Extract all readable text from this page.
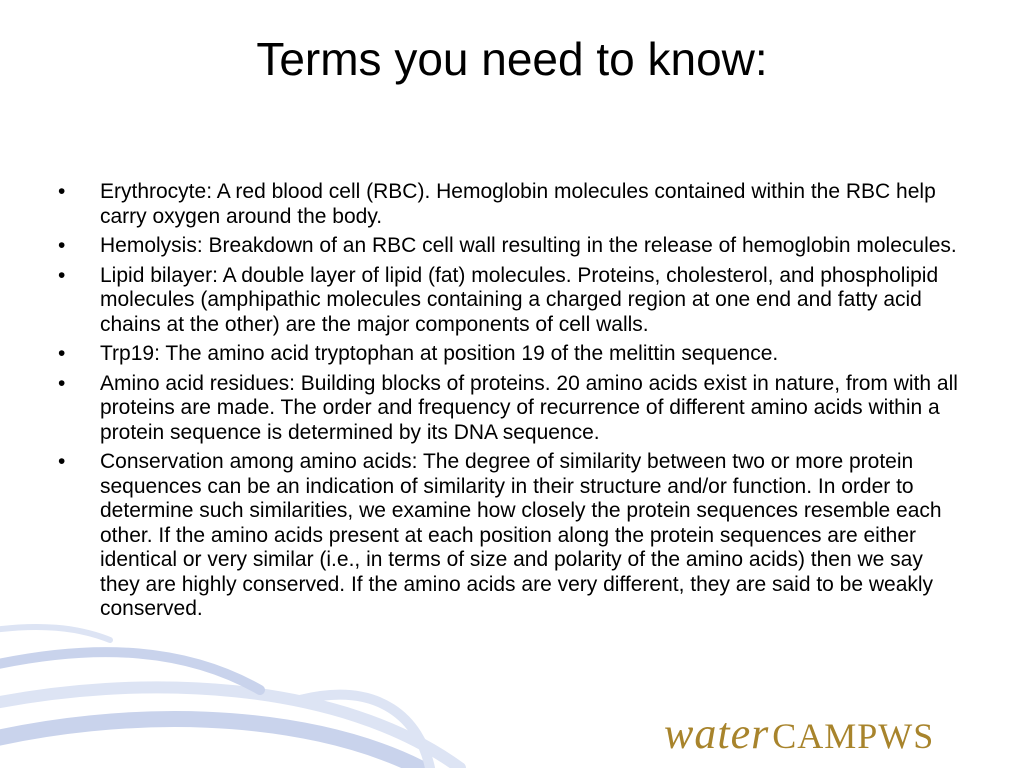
Terms you need to know:
•	Erythrocyte: A red blood cell (RBC). Hemoglobin molecules contained within the RBC help carry oxygen around the body.
•	Hemolysis: Breakdown of an RBC cell wall resulting in the release of hemoglobin molecules.
•	Lipid bilayer: A double layer of lipid (fat) molecules. Proteins, cholesterol, and phospholipid molecules (amphipathic molecules containing a charged region at one end and fatty acid chains at the other) are the major components of cell walls.
•	Trp19: The amino acid tryptophan at position 19 of the melittin sequence.
•	Amino acid residues: Building blocks of proteins. 20 amino acids exist in nature, from with all proteins are made. The order and frequency of recurrence of different amino acids within a protein sequence is determined by its DNA sequence.
•	Conservation among amino acids: The degree of similarity between two or more protein sequences can be an indication of similarity in their structure and/or function. In order to determine such similarities, we examine how closely the protein sequences resemble each other. If the amino acids present at each position along the protein sequences are either identical or very similar (i.e., in terms of size and polarity of the amino acids) then we say they are highly conserved. If the amino acids are very different, they are said to be weakly conserved.
waterCAMPWS
